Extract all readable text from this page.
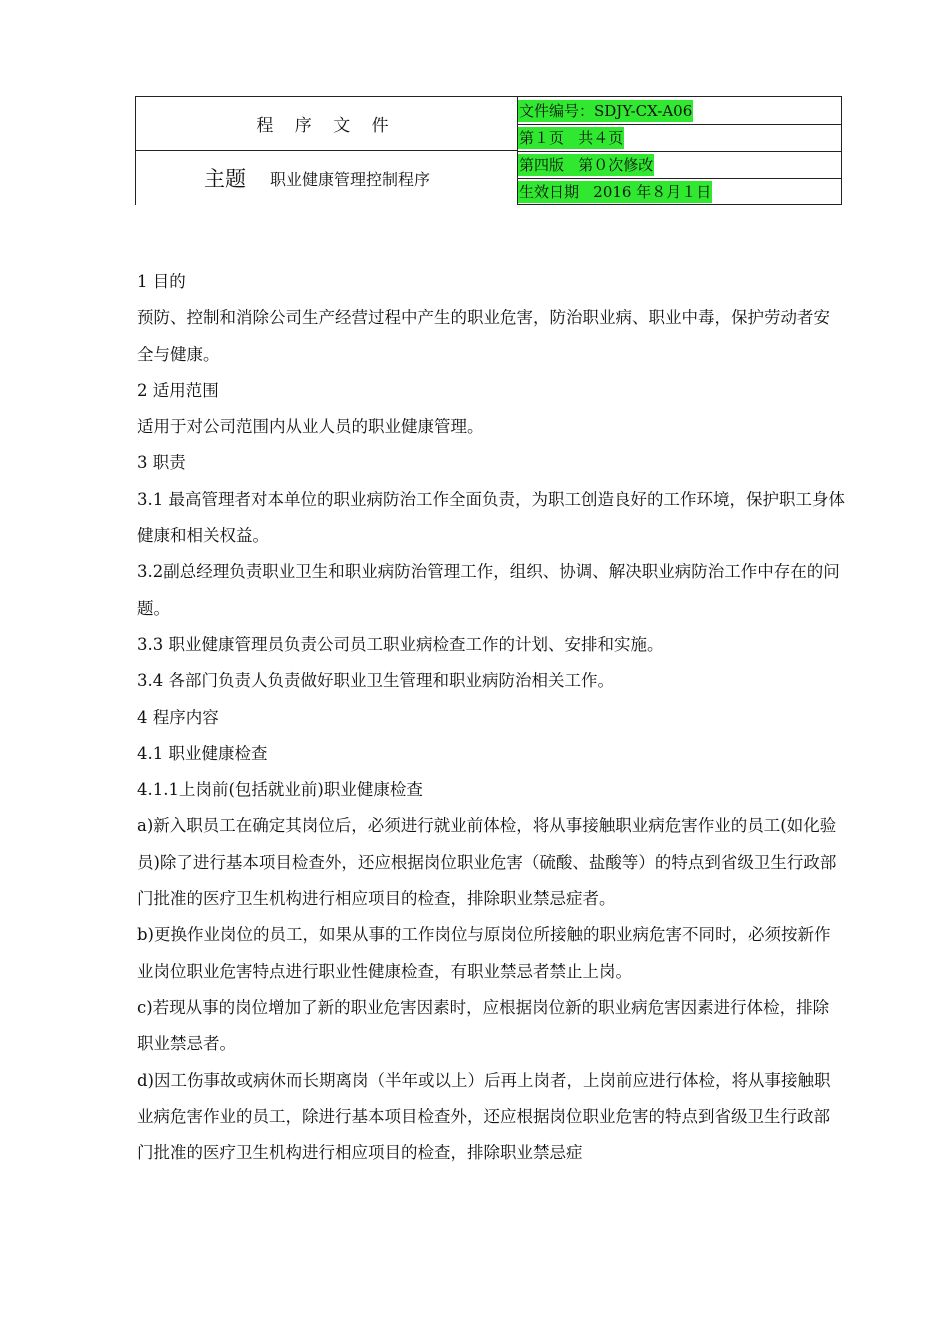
程 序 文 件
主题 职业健康管理控制程序
文件编号：SDJY-CX-A06
第１页   共４页
第四版   第０次修改
生效日期   2016 年８月１日

1 目的

预防、控制和消除公司生产经营过程中产生的职业危害，防治职业病、职业中毒，保护劳动者安全与健康。

2 适用范围

适用于对公司范围内从业人员的职业健康管理。

3 职责

3.1 最高管理者对本单位的职业病防治工作全面负责，为职工创造良好的工作环境，保护职工身体健康和相关权益。

3.2副总经理负责职业卫生和职业病防治管理工作，组织、协调、解决职业病防治工作中存在的问题。

3.3 职业健康管理员负责公司员工职业病检查工作的计划、安排和实施。

3.4 各部门负责人负责做好职业卫生管理和职业病防治相关工作。

4 程序内容

4.1 职业健康检查

4.1.1上岗前(包括就业前)职业健康检查

a)新入职员工在确定其岗位后，必须进行就业前体检，将从事接触职业病危害作业的员工(如化验员)除了进行基本项目检查外，还应根据岗位职业危害（硫酸、盐酸等）的特点到省级卫生行政部门批准的医疗卫生机构进行相应项目的检查，排除职业禁忌症者。

b)更换作业岗位的员工，如果从事的工作岗位与原岗位所接触的职业病危害不同时，必须按新作业岗位职业危害特点进行职业性健康检查，有职业禁忌者禁止上岗。

c)若现从事的岗位增加了新的职业危害因素时，应根据岗位新的职业病危害因素进行体检，排除职业禁忌者。

d)因工伤事故或病休而长期离岗（半年或以上）后再上岗者，上岗前应进行体检，将从事接触职业病危害作业的员工，除进行基本项目检查外，还应根据岗位职业危害的特点到省级卫生行政部门批准的医疗卫生机构进行相应项目的检查，排除职业禁忌症
